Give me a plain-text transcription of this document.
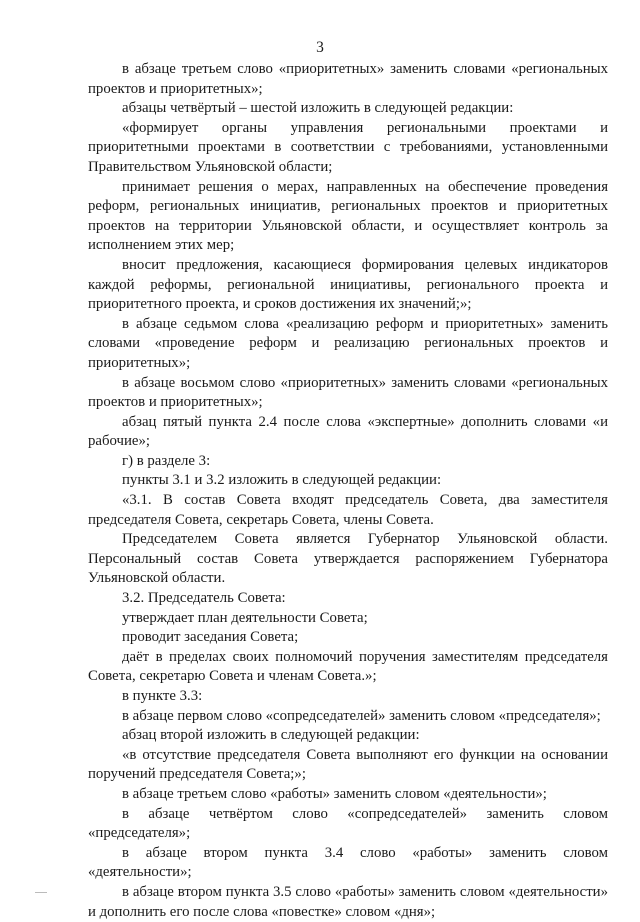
3

в абзаце третьем слово «приоритетных» заменить словами «региональных проектов и приоритетных»;

абзацы четвёртый – шестой изложить в следующей редакции:

«формирует органы управления региональными проектами и приоритетными проектами в соответствии с требованиями, установленными Правительством Ульяновской области;

принимает решения о мерах, направленных на обеспечение проведения реформ, региональных инициатив, региональных проектов и приоритетных проектов на территории Ульяновской области, и осуществляет контроль за исполнением этих мер;

вносит предложения, касающиеся формирования целевых индикаторов каждой реформы, региональной инициативы, регионального проекта и приоритетного проекта, и сроков достижения их значений;»;

в абзаце седьмом слова «реализацию реформ и приоритетных» заменить словами «проведение реформ и реализацию региональных проектов и приоритетных»;

в абзаце восьмом слово «приоритетных» заменить словами «региональных проектов и приоритетных»;

абзац пятый пункта 2.4 после слова «экспертные» дополнить словами «и рабочие»;

г) в разделе 3:

пункты 3.1 и 3.2 изложить в следующей редакции:

«3.1. В состав Совета входят председатель Совета, два заместителя председателя Совета, секретарь Совета, члены Совета.

Председателем Совета является Губернатор Ульяновской области. Персональный состав Совета утверждается распоряжением Губернатора Ульяновской области.

3.2. Председатель Совета:

утверждает план деятельности Совета;

проводит заседания Совета;

даёт в пределах своих полномочий поручения заместителям председателя Совета, секретарю Совета и членам Совета.»;

в пункте 3.3:

в абзаце первом слово «сопредседателей» заменить словом «председателя»;

абзац второй изложить в следующей редакции:

«в отсутствие председателя Совета выполняют его функции на основании поручений председателя Совета;»;

в абзаце третьем слово «работы» заменить словом «деятельности»;

в абзаце четвёртом слово «сопредседателей» заменить словом «председателя»;

в абзаце втором пункта 3.4 слово «работы» заменить словом «деятельности»;

в абзаце втором пункта 3.5 слово «работы» заменить словом «деятельности» и дополнить его после слова «повестке» словом «дня»;
